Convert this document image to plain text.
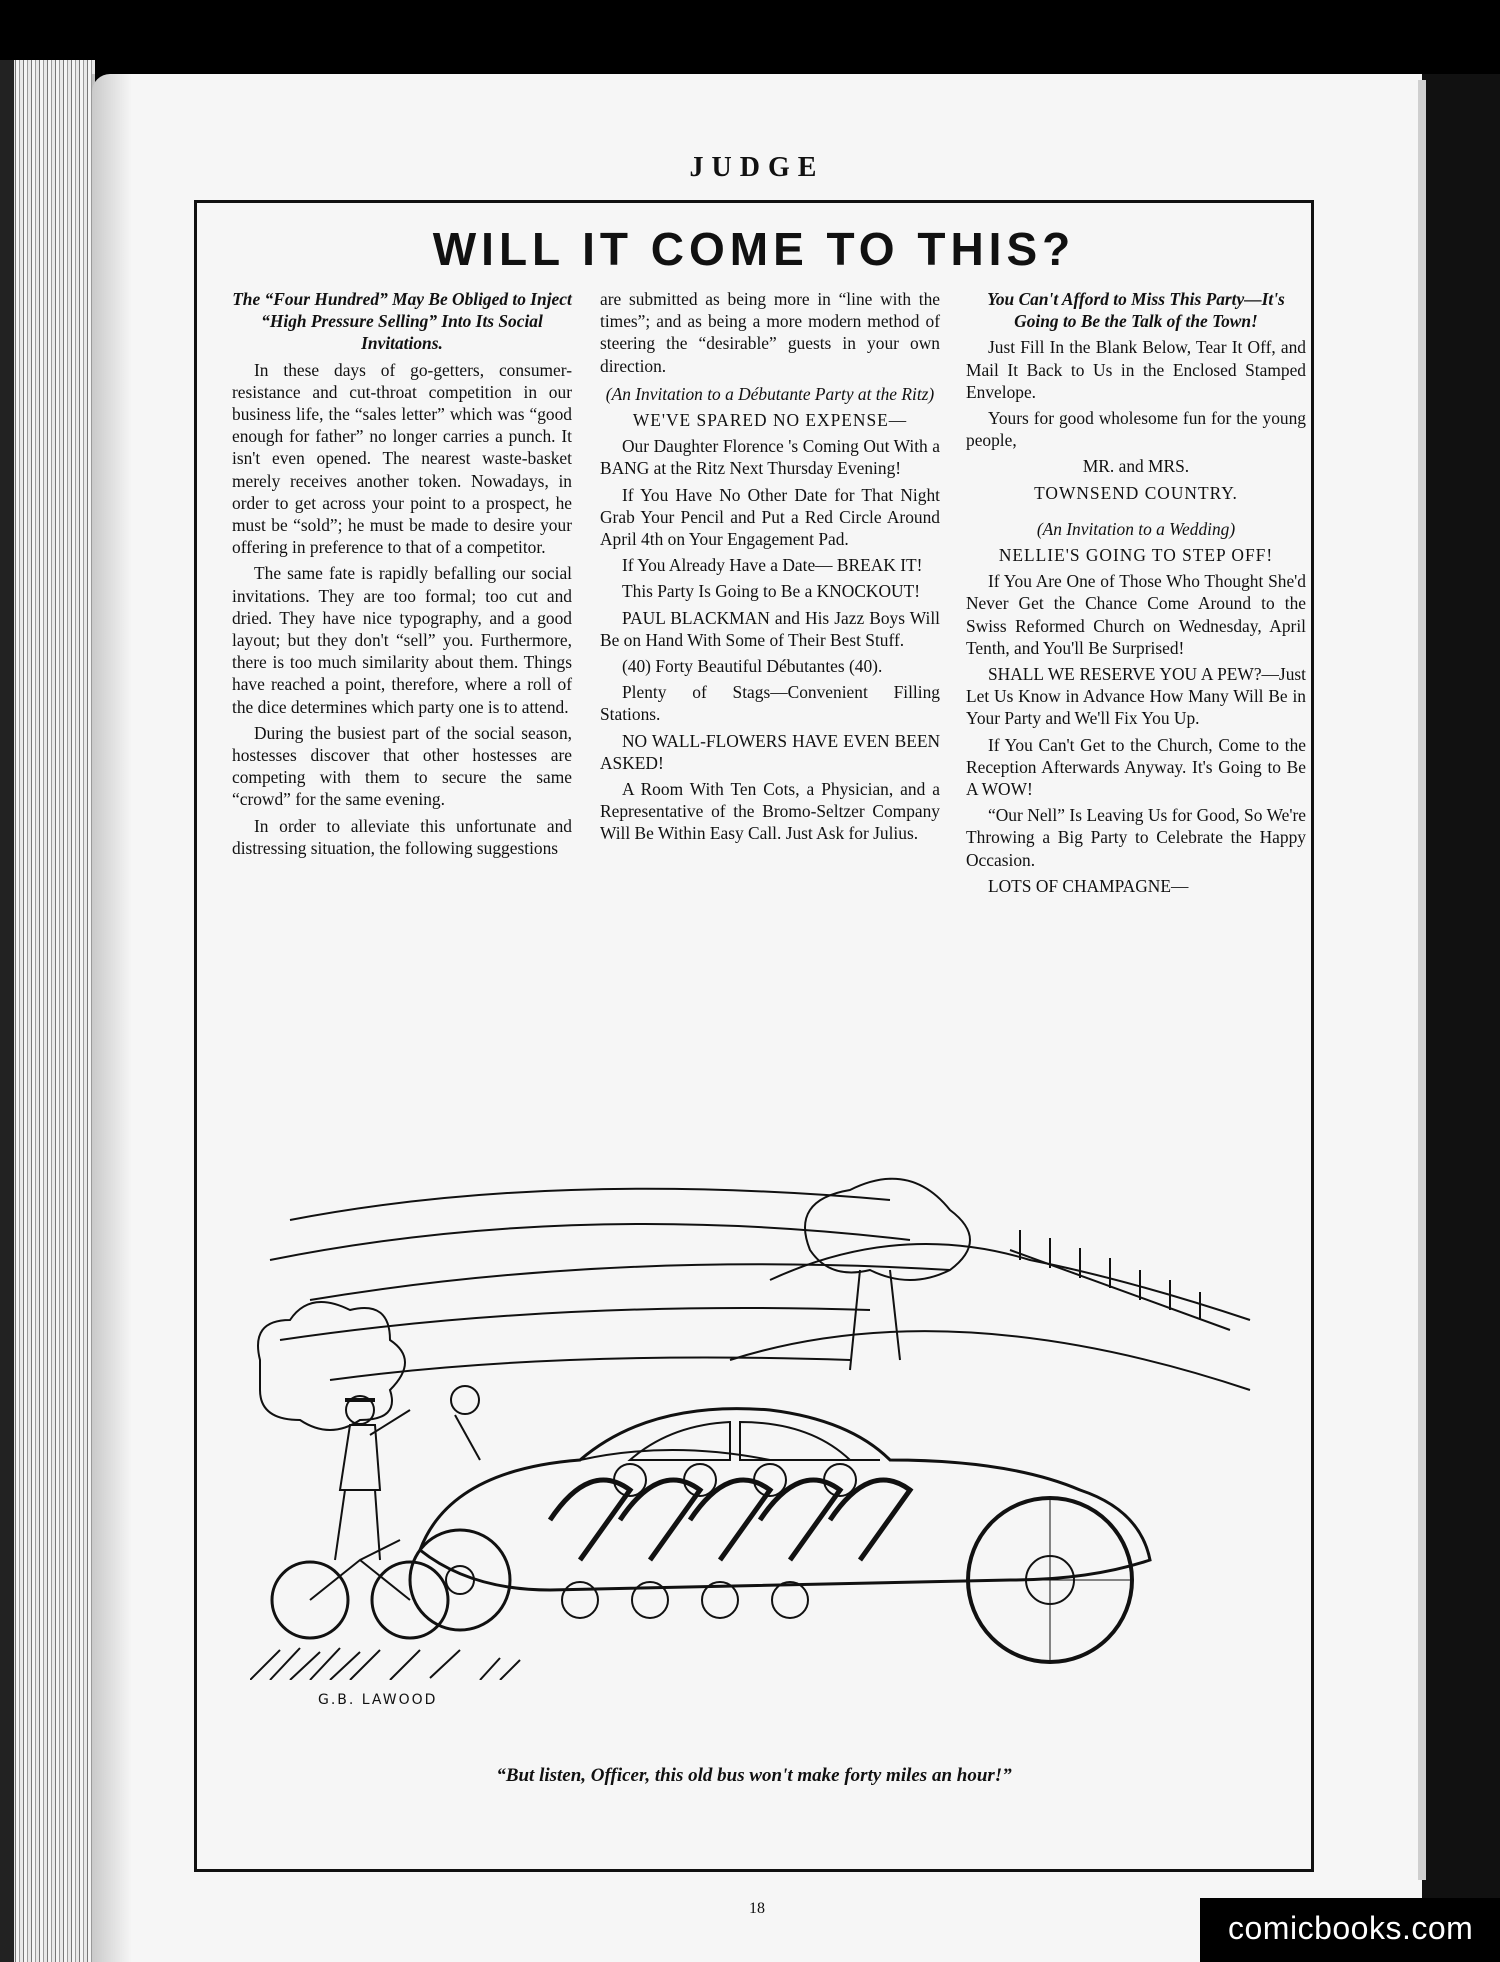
JUDGE
WILL IT COME TO THIS?

The “Four Hundred” May Be Obliged to Inject “High Pressure Selling” Into Its Social Invitations.

In these days of go-getters, consumer-resistance and cut-throat competition in our business life, the “sales letter” which was “good enough for father” no longer carries a punch. It isn't even opened. The nearest waste-basket merely receives another token. Nowadays, in order to get across your point to a prospect, he must be “sold”; he must be made to desire your offering in preference to that of a competitor.

The same fate is rapidly befalling our social invitations. They are too formal; too cut and dried. They have nice typography, and a good layout; but they don't “sell” you. Furthermore, there is too much similarity about them. Things have reached a point, therefore, where a roll of the dice determines which party one is to attend.

During the busiest part of the social season, hostesses discover that other hostesses are competing with them to secure the same “crowd” for the same evening.

In order to alleviate this unfortunate and distressing situation, the following suggestions

are submitted as being more in “line with the times”; and as being a more modern method of steering the “desirable” guests in your own direction.

(An Invitation to a Débutante Party at the Ritz)

WE'VE SPARED NO EXPENSE—

Our Daughter Florence 's Coming Out With a BANG at the Ritz Next Thursday Evening!

If You Have No Other Date for That Night Grab Your Pencil and Put a Red Circle Around April 4th on Your Engagement Pad.

If You Already Have a Date— BREAK IT!

This Party Is Going to Be a KNOCKOUT!

PAUL BLACKMAN and His Jazz Boys Will Be on Hand With Some of Their Best Stuff.

(40) Forty Beautiful Débutantes (40).

Plenty of Stags—Convenient Filling Stations.

NO WALL-FLOWERS HAVE EVEN BEEN ASKED!

A Room With Ten Cots, a Physician, and a Representative of the Bromo-Seltzer Company Will Be Within Easy Call. Just Ask for Julius.

You Can't Afford to Miss This Party—It's Going to Be the Talk of the Town!

Just Fill In the Blank Below, Tear It Off, and Mail It Back to Us in the Enclosed Stamped Envelope.

Yours for good wholesome fun for the young people,

MR. and MRS.

TOWNSEND COUNTRY.

(An Invitation to a Wedding)

NELLIE'S GOING TO STEP OFF!

If You Are One of Those Who Thought She'd Never Get the Chance Come Around to the Swiss Reformed Church on Wednesday, April Tenth, and You'll Be Surprised!

SHALL WE RESERVE YOU A PEW?—Just Let Us Know in Advance How Many Will Be in Your Party and We'll Fix You Up.

If You Can't Get to the Church, Come to the Reception Afterwards Anyway. It's Going to Be A WOW!

“Our Nell” Is Leaving Us for Good, So We're Throwing a Big Party to Celebrate the Happy Occasion.

LOTS OF CHAMPAGNE—

G.B. LAWOOD
“But listen, Officer, this old bus won't make forty miles an hour!”
18
comicbooks.com
